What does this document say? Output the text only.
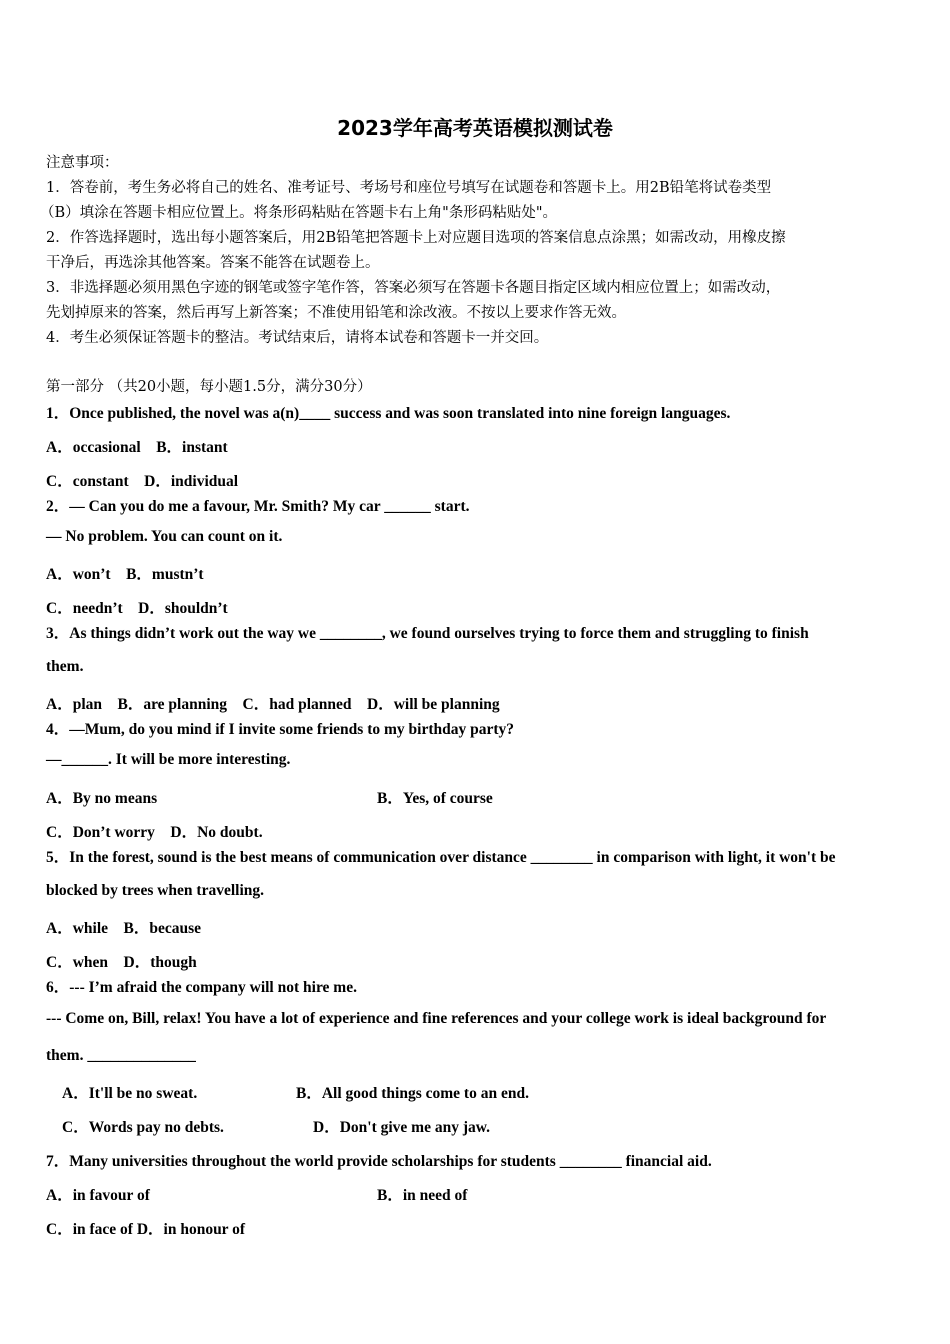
2023学年高考英语模拟测试卷
注意事项：
1．答卷前，考生务必将自己的姓名、准考证号、考场号和座位号填写在试题卷和答题卡上。用2B铅笔将试卷类型
（B）填涂在答题卡相应位置上。将条形码粘贴在答题卡右上角"条形码粘贴处"。
2．作答选择题时，选出每小题答案后，用2B铅笔把答题卡上对应题目选项的答案信息点涂黑；如需改动，用橡皮擦
干净后，再选涂其他答案。答案不能答在试题卷上。
3．非选择题必须用黑色字迹的钢笔或签字笔作答，答案必须写在答题卡各题目指定区域内相应位置上；如需改动，
先划掉原来的答案，然后再写上新答案；不准使用铅笔和涂改液。不按以上要求作答无效。
4．考生必须保证答题卡的整洁。考试结束后，请将本试卷和答题卡一并交回。
第一部分 （共20小题，每小题1.5分，满分30分）
1．Once published, the novel was a(n)____ success and was soon translated into nine foreign languages.
A．occasional　B．instant
C．constant　D．individual
2．— Can you do me a favour, Mr. Smith? My car ______ start.
— No problem. You can count on it.
A．won’t　B．mustn’t
C．needn’t　D．shouldn’t
3．As things didn’t work out the way we ________, we found ourselves trying to force them and struggling to finish
them.
A．plan　B．are planning　C．had planned　D．will be planning
4．—Mum, do you mind if I invite some friends to my birthday party?
—______. It will be more interesting.
A．By no means	B．Yes, of course
C．Don’t worry　D．No doubt.
5．In the forest, sound is the best means of communication over distance ________ in comparison with light, it won't be
blocked by trees when travelling.
A．while　B．because
C．when　D．though
6．--- I’m afraid the company will not hire me.
--- Come on, Bill, relax! You have a lot of experience and fine references and your college work is ideal background for
them. ______________
A．It'll be no sweat.	B．All good things come to an end.
C．Words pay no debts.	D．Don't give me any jaw.
7．Many universities throughout the world provide scholarships for students ________ financial aid.
A．in favour of	B．in need of
C．in face of D．in honour of
